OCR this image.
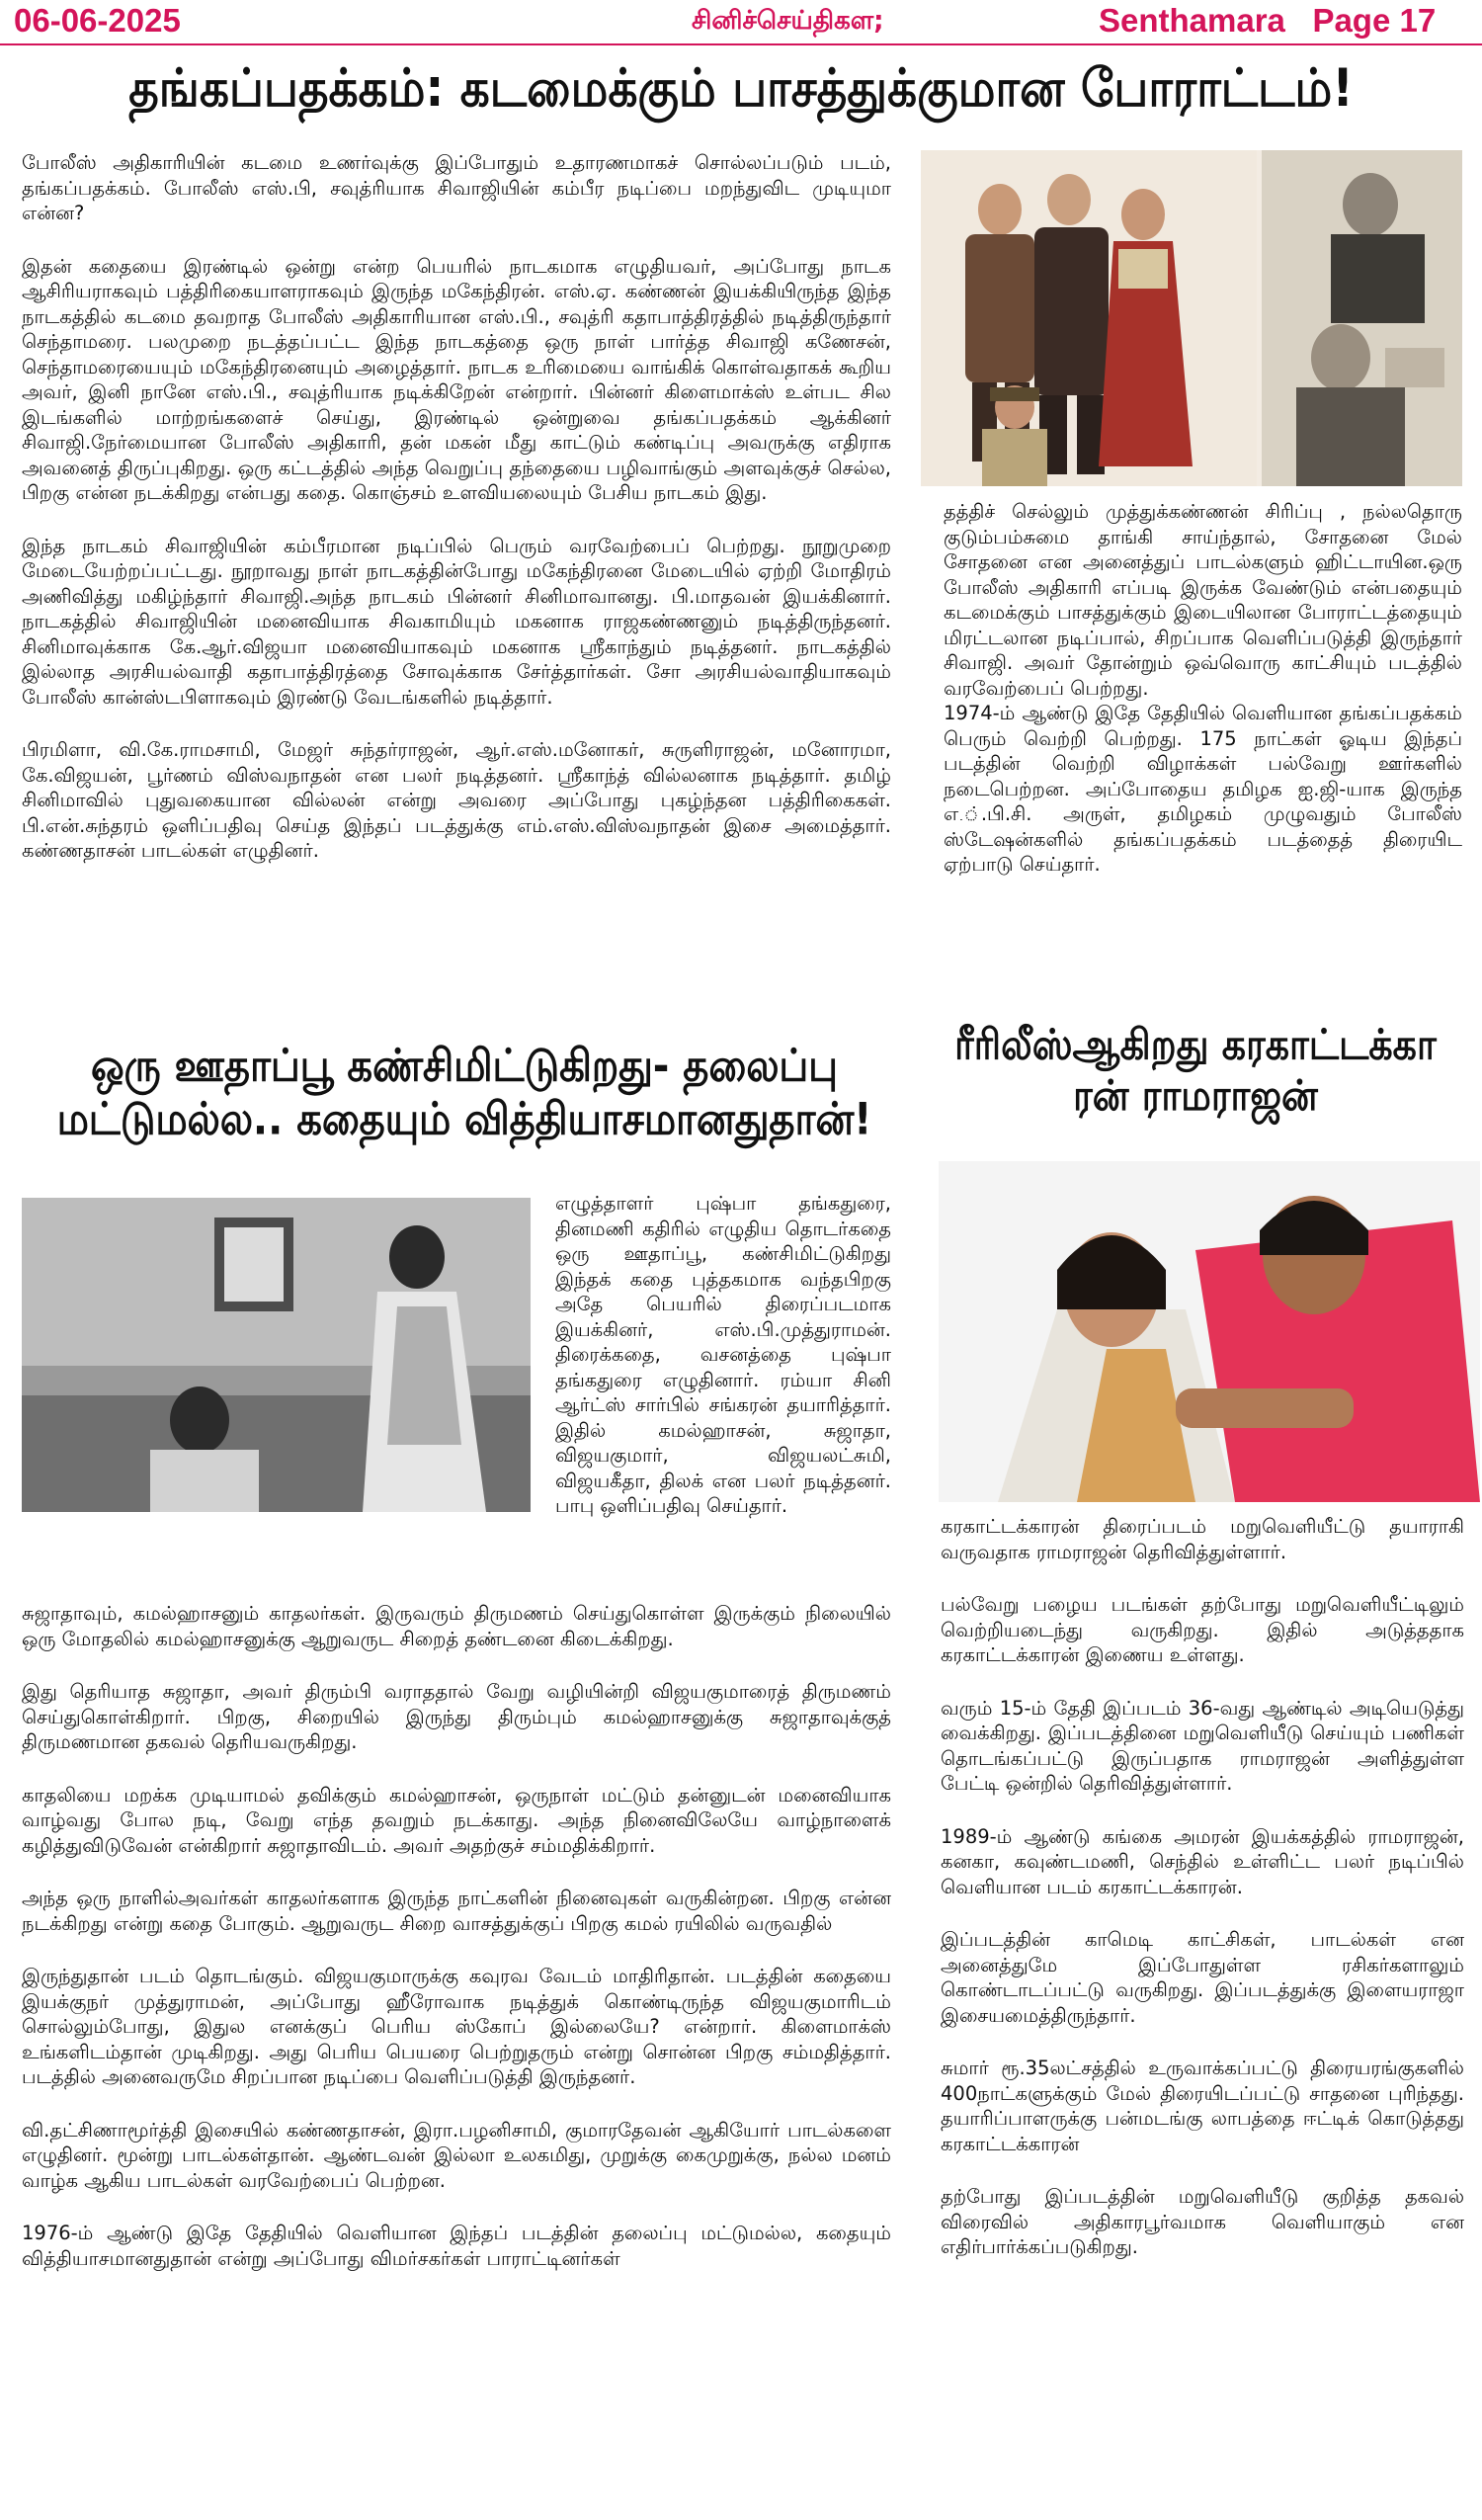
06-06-2025	சினிச்செய்திகள;	Senthamara Page 17
தங்கப்பதக்கம்: கடமைக்கும் பாசத்துக்குமான போராட்டம்!

போலீஸ் அதிகாரியின் கடமை உணர்வுக்கு இப்போதும் உதாரணமாகச் சொல்லப்படும் படம், தங்கப்பதக்கம். போலீஸ் எஸ்.பி, சவுத்ரியாக சிவாஜியின் கம்பீர நடிப்பை மறந்துவிட முடியுமா என்ன?

இதன் கதையை இரண்டில் ஒன்று என்ற பெயரில் நாடகமாக எழுதியவர், அப்போது நாடக ஆசிரியராகவும் பத்திரிகையாளராகவும் இருந்த மகேந்திரன். எஸ்.ஏ. கண்ணன் இயக்கியிருந்த இந்த நாடகத்தில் கடமை தவறாத போலீஸ் அதிகாரியான எஸ்.பி., சவுத்ரி கதாபாத்திரத்தில் நடித்திருந்தார் செந்தாமரை. பலமுறை நடத்தப்பட்ட இந்த நாடகத்தை ஒரு நாள் பார்த்த சிவாஜி கணேசன், செந்தாமரையையும் மகேந்திரனையும் அழைத்தார். நாடக உரிமையை வாங்கிக் கொள்வதாகக் கூறிய அவர், இனி நானே எஸ்.பி., சவுத்ரியாக நடிக்கிறேன் என்றார். பின்னர் கிளைமாக்ஸ் உள்பட சில இடங்களில் மாற்றங்களைச் செய்து, இரண்டில் ஒன்றுவை தங்கப்பதக்கம் ஆக்கினர் சிவாஜி.நேர்மையான போலீஸ் அதிகாரி, தன் மகன் மீது காட்டும் கண்டிப்பு அவருக்கு எதிராக அவனைத் திருப்புகிறது. ஒரு கட்டத்தில் அந்த வெறுப்பு தந்தையை பழிவாங்கும் அளவுக்குச் செல்ல, பிறகு என்ன நடக்கிறது என்பது கதை. கொஞ்சம் உளவியலையும் பேசிய நாடகம் இது.

இந்த நாடகம் சிவாஜியின் கம்பீரமான நடிப்பில் பெரும் வரவேற்பைப் பெற்றது. நூறுமுறை மேடையேற்றப்பட்டது. நூறாவது நாள் நாடகத்தின்போது மகேந்திரனை மேடையில் ஏற்றி மோதிரம் அணிவித்து மகிழ்ந்தார் சிவாஜி.அந்த நாடகம் பின்னர் சினிமாவானது. பி.மாதவன் இயக்கினார். நாடகத்தில் சிவாஜியின் மனைவியாக சிவகாமியும் மகனாக ராஜகண்ணனும் நடித்திருந்தனர். சினிமாவுக்காக கே.ஆர்.விஜயா மனைவியாகவும் மகனாக ஸ்ரீகாந்தும் நடித்தனர். நாடகத்தில் இல்லாத அரசியல்வாதி கதாபாத்திரத்தை சோவுக்காக சேர்த்தார்கள். சோ அரசியல்வாதியாகவும் போலீஸ் கான்ஸ்டபிளாகவும் இரண்டு வேடங்களில் நடித்தார்.

பிரமிளா, வி.கே.ராமசாமி, மேஜர் சுந்தர்ராஜன், ஆர்.எஸ்.மனோகர், சுருளிராஜன், மனோரமா, கே.விஜயன், பூர்ணம் விஸ்வநாதன் என பலர் நடித்தனர். ஸ்ரீகாந்த் வில்லனாக நடித்தார். தமிழ் சினிமாவில் புதுவகையான வில்லன் என்று அவரை அப்போது புகழ்ந்தன பத்திரிகைகள். பி.என்.சுந்தரம் ஒளிப்பதிவு செய்த இந்தப் படத்துக்கு எம்.எஸ்.விஸ்வநாதன் இசை அமைத்தார். கண்ணதாசன் பாடல்கள் எழுதினர்.

தத்திச் செல்லும் முத்துக்கண்ணன் சிரிப்பு , நல்லதொரு குடும்பம்சுமை தாங்கி சாய்ந்தால், சோதனை மேல் சோதனை என அனைத்துப் பாடல்களும் ஹிட்டாயின.ஒரு போலீஸ் அதிகாரி எப்படி இருக்க வேண்டும் என்பதையும் கடமைக்கும் பாசத்துக்கும் இடையிலான போராட்டத்தையும் மிரட்டலான நடிப்பால், சிறப்பாக வெளிப்படுத்தி இருந்தார் சிவாஜி. அவர் தோன்றும் ஒவ்வொரு காட்சியும் படத்தில் வரவேற்பைப் பெற்றது.

1974-ம் ஆண்டு இதே தேதியில் வெளியான தங்கப்பதக்கம் பெரும் வெற்றி பெற்றது. 175 நாட்கள் ஓடிய இந்தப் படத்தின் வெற்றி விழாக்கள் பல்வேறு ஊர்களில் நடைபெற்றன. அப்போதைய தமிழக ஐ.ஜி-யாக இருந்த எ.்.பி.சி. அருள், தமிழகம் முழுவதும் போலீஸ் ஸ்டேஷன்களில் தங்கப்பதக்கம் படத்தைத் திரையிட ஏற்பாடு செய்தார்.

ஒரு ஊதாப்பூ கண்சிமிட்டுகிறது- தலைப்பு மட்டுமல்ல.. கதையும் வித்தியாசமானதுதான்!

எழுத்தாளர் புஷ்பா தங்கதுரை, தினமணி கதிரில் எழுதிய தொடர்கதை ஒரு ஊதாப்பூ, கண்சிமிட்டுகிறது இந்தக் கதை புத்தகமாக வந்தபிறகு அதே பெயரில் திரைப்படமாக இயக்கினர், எஸ்.பி.முத்துராமன். திரைக்கதை, வசனத்தை புஷ்பா தங்கதுரை எழுதினார். ரம்யா சினி ஆர்ட்ஸ் சார்பில் சங்கரன் தயாரித்தார். இதில் கமல்ஹாசன், சுஜாதா, விஜயகுமார், விஜயலட்சுமி, விஜயகீதா, திலக் என பலர் நடித்தனர். பாபு ஒளிப்பதிவு செய்தார்.

சுஜாதாவும், கமல்ஹாசனும் காதலர்கள். இருவரும் திருமணம் செய்துகொள்ள இருக்கும் நிலையில் ஒரு மோதலில் கமல்ஹாசனுக்கு ஆறுவருட சிறைத் தண்டனை கிடைக்கிறது.

இது தெரியாத சுஜாதா, அவர் திரும்பி வராததால் வேறு வழியின்றி விஜயகுமாரைத் திருமணம் செய்துகொள்கிறார். பிறகு, சிறையில் இருந்து திரும்பும் கமல்ஹாசனுக்கு சுஜாதாவுக்குத் திருமணமான தகவல் தெரியவருகிறது.

காதலியை மறக்க முடியாமல் தவிக்கும் கமல்ஹாசன், ஒருநாள் மட்டும் தன்னுடன் மனைவியாக வாழ்வது போல நடி, வேறு எந்த தவறும் நடக்காது. அந்த நினைவிலேயே வாழ்நாளைக் கழித்துவிடுவேன் என்கிறார் சுஜாதாவிடம். அவர் அதற்குச் சம்மதிக்கிறார்.

அந்த ஒரு நாளில்அவர்கள் காதலர்களாக இருந்த நாட்களின் நினைவுகள் வருகின்றன. பிறகு என்ன நடக்கிறது என்று கதை போகும். ஆறுவருட சிறை வாசத்துக்குப் பிறகு கமல் ரயிலில் வருவதில்

இருந்துதான் படம் தொடங்கும். விஜயகுமாருக்கு கவுரவ வேடம் மாதிரிதான். படத்தின் கதையை இயக்குநர் முத்துராமன், அப்போது ஹீரோவாக நடித்துக் கொண்டிருந்த விஜயகுமாரிடம் சொல்லும்போது, இதுல எனக்குப் பெரிய ஸ்கோப் இல்லையே? என்றார். கிளைமாக்ஸ் உங்களிடம்தான் முடிகிறது. அது பெரிய பெயரை பெற்றுதரும் என்று சொன்ன பிறகு சம்மதித்தார். படத்தில் அனைவருமே சிறப்பான நடிப்பை வெளிப்படுத்தி இருந்தனர்.

வி.தட்சிணாமூர்த்தி இசையில் கண்ணதாசன், இரா.பழனிசாமி, குமாரதேவன் ஆகியோர் பாடல்களை எழுதினர். மூன்று பாடல்கள்தான். ஆண்டவன் இல்லா உலகமிது, முறுக்கு கைமுறுக்கு, நல்ல மனம் வாழ்க ஆகிய பாடல்கள் வரவேற்பைப் பெற்றன.

1976-ம் ஆண்டு இதே தேதியில் வெளியான இந்தப் படத்தின் தலைப்பு மட்டுமல்ல, கதையும் வித்தியாசமானதுதான் என்று அப்போது விமர்சகர்கள் பாராட்டினர்கள்

ரீரிலீஸ்ஆகிறது கரகாட்டக்கா ரன் ராமராஜன்

கரகாட்டக்காரன் திரைப்படம் மறுவெளியீட்டு தயாராகி வருவதாக ராமராஜன் தெரிவித்துள்ளார்.

பல்வேறு பழைய படங்கள் தற்போது மறுவெளியீட்டிலும் வெற்றியடைந்து வருகிறது. இதில் அடுத்ததாக கரகாட்டக்காரன் இணைய உள்ளது.

வரும் 15-ம் தேதி இப்படம் 36-வது ஆண்டில் அடியெடுத்து வைக்கிறது. இப்படத்தினை மறுவெளியீடு செய்யும் பணிகள் தொடங்கப்பட்டு இருப்பதாக ராமராஜன் அளித்துள்ள பேட்டி ஒன்றில் தெரிவித்துள்ளார்.

1989-ம் ஆண்டு கங்கை அமரன் இயக்கத்தில் ராமராஜன், கனகா, கவுண்டமணி, செந்தில் உள்ளிட்ட பலர் நடிப்பில் வெளியான படம் கரகாட்டக்காரன்.

இப்படத்தின் காமெடி காட்சிகள், பாடல்கள் என அனைத்துமே இப்போதுள்ள ரசிகர்களாலும் கொண்டாடப்பட்டு வருகிறது. இப்படத்துக்கு இளையராஜா இசையமைத்திருந்தார்.

சுமார் ரூ.35லட்சத்தில் உருவாக்கப்பட்டு திரையரங்குகளில் 400நாட்களுக்கும் மேல் திரையிடப்பட்டு சாதனை புரிந்தது. தயாரிப்பாளருக்கு பன்மடங்கு லாபத்தை ஈட்டிக் கொடுத்தது கரகாட்டக்காரன்

தற்போது இப்படத்தின் மறுவெளியீடு குறித்த தகவல் விரைவில் அதிகாரபூர்வமாக வெளியாகும் என எதிர்பார்க்கப்படுகிறது.
